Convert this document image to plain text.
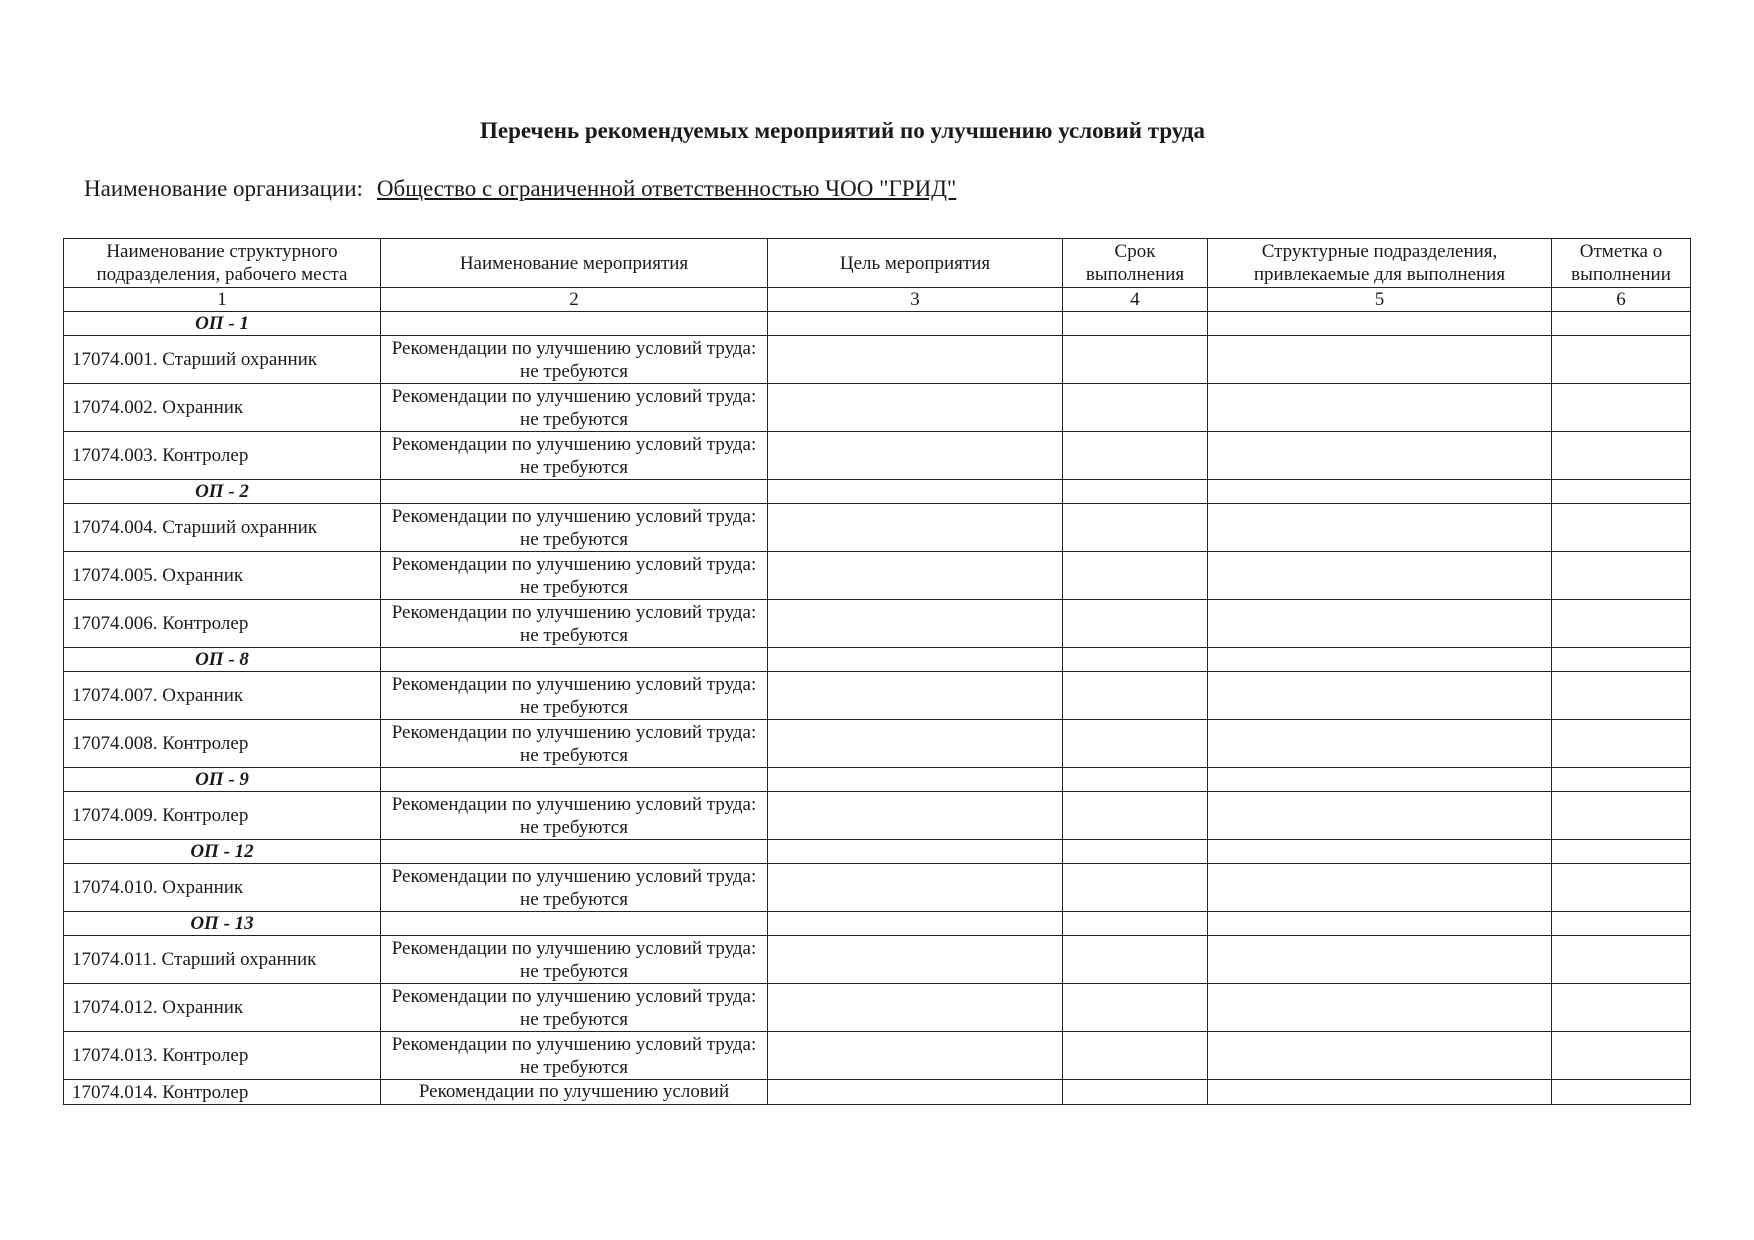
Перечень рекомендуемых мероприятий по улучшению условий труда
Наименование организации: Общество с ограниченной ответственностью ЧОО "ГРИД"
Наименование структурного подразделения, рабочего места	Наименование мероприятия	Цель мероприятия	Срок выполнения	Структурные подразделения, привлекаемые для выполнения	Отметка о выполнении
1	2	3	4	5	6
ОП - 1					
17074.001. Старший охранник	Рекомендации по улучшению условий труда: не требуются				
17074.002. Охранник	Рекомендации по улучшению условий труда: не требуются				
17074.003. Контролер	Рекомендации по улучшению условий труда: не требуются				
ОП - 2					
17074.004. Старший охранник	Рекомендации по улучшению условий труда: не требуются				
17074.005. Охранник	Рекомендации по улучшению условий труда: не требуются				
17074.006. Контролер	Рекомендации по улучшению условий труда: не требуются				
ОП - 8					
17074.007. Охранник	Рекомендации по улучшению условий труда: не требуются				
17074.008. Контролер	Рекомендации по улучшению условий труда: не требуются				
ОП - 9					
17074.009. Контролер	Рекомендации по улучшению условий труда: не требуются				
ОП - 12					
17074.010. Охранник	Рекомендации по улучшению условий труда: не требуются				
ОП - 13					
17074.011. Старший охранник	Рекомендации по улучшению условий труда: не требуются				
17074.012. Охранник	Рекомендации по улучшению условий труда: не требуются				
17074.013. Контролер	Рекомендации по улучшению условий труда: не требуются				
17074.014. Контролер	Рекомендации по улучшению условий				
